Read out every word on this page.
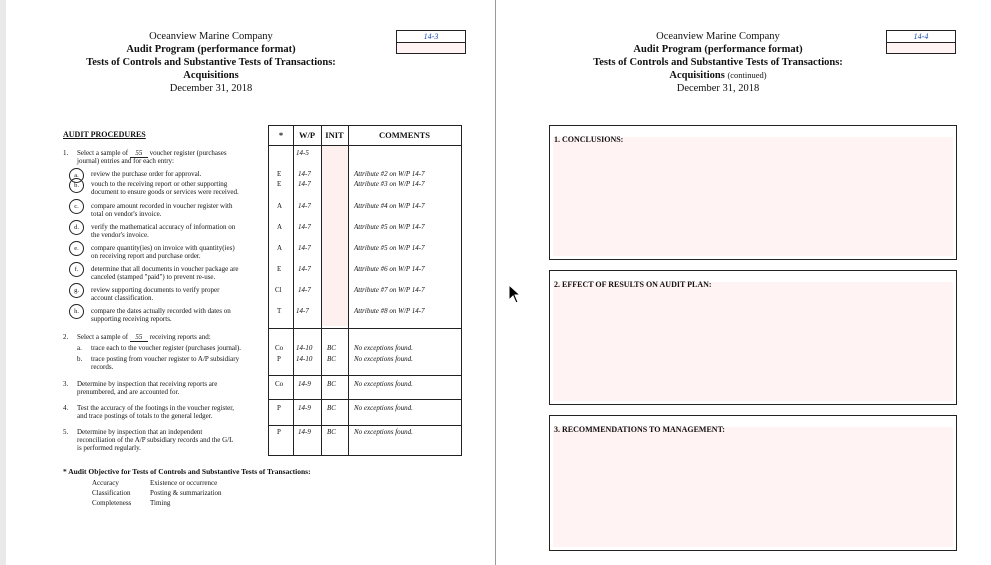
Oceanview Marine Company
Audit Program (performance format)
Tests of Controls and Substantive Tests of Transactions:
Acquisitions
December 31, 2018
14-3
AUDIT PROCEDURES	*	W/P	INIT	COMMENTS
1. Select a sample of 55 voucher register (purchases
journal) entries and for each entry:
14-5
a.	review the purchase order for approval.	E 14-7	Attribute #2 on W/P 14-7
b.	vouch to the receiving report or other supporting
document to ensure goods or services were received.
E 14-7	Attribute #3 on W/P 14-7
c.	compare amount recorded in voucher register with
total on vendor's invoice.
A 14-7	Attribute #4 on W/P 14-7
d.	verify the mathematical accuracy of information on
the vendor's invoice.
A 14-7	Attribute #5 on W/P 14-7
e.	compare quantity(ies) on invoice with quantity(ies)
on receiving report and purchase order.
A 14-7	Attribute #5 on W/P 14-7
f.	determine that all documents in voucher package are
canceled (stamped "paid") to prevent re-use.
E 14-7	Attribute #6 on W/P 14-7
g.	review supporting documents to verify proper
account classification.
Cl 14-7	Attribute #7 on W/P 14-7
h.	compare the dates actually recorded with dates on
supporting receiving reports.
T 14-7	Attribute #8 on W/P 14-7
2. Select a sample of 55 receiving reports and:
a. trace each to the voucher register (purchases journal).	Co 14-10 BC	No exceptions found.
b. trace posting from voucher register to A/P subsidiary
records.
P 14-10 BC	No exceptions found.
3. Determine by inspection that receiving reports are
prenumbered, and are accounted for.
Co 14-9 BC	No exceptions found.
4. Test the accuracy of the footings in the voucher register,
and trace postings of totals to the general ledger.
P 14-9 BC	No exceptions found.
5. Determine by inspection that an independent
reconciliation of the A/P subsidiary records and the G/L
is performed regularly.
P 14-9 BC	No exceptions found.
* Audit Objective for Tests of Controls and Substantive Tests of Transactions:
Accuracy	Existence or occurrence
Classification	Posting & summarization
Completeness	Timing
Oceanview Marine Company
Audit Program (performance format)
Tests of Controls and Substantive Tests of Transactions:
Acquisitions (continued)
December 31, 2018
14-4
1. CONCLUSIONS:
2. EFFECT OF RESULTS ON AUDIT PLAN:
3. RECOMMENDATIONS TO MANAGEMENT:
